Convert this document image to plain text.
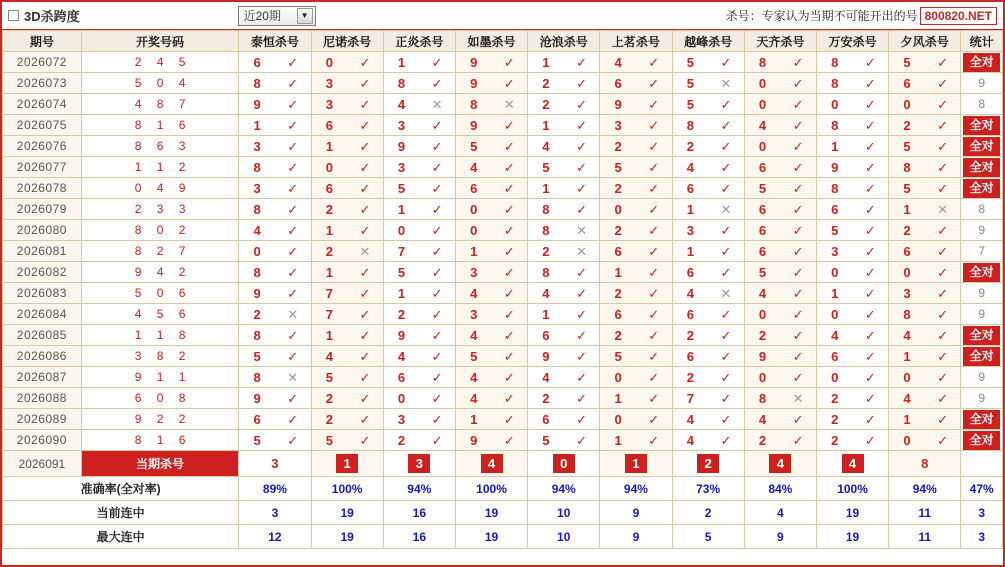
3D杀跨度	近20期	▼	杀号：专家认为当期不可能开出的号 800820.NET
期号	开奖号码	泰恒杀号	尼诺杀号	正炎杀号	如墨杀号	沧浪杀号	上茗杀号	越峰杀号	天齐杀号	万安杀号	夕风杀号	统计
2026072	2 4 5	6 ✓	0 ✓	1 ✓	9 ✓	1 ✓	4 ✓	5 ✓	8 ✓	8 ✓	5 ✓	全对

2026073	5 0 4	8 ✓	3 ✓	8 ✓	9 ✓	2 ✓	6 ✓	5 ✕	0 ✓	8 ✓	6 ✓	9
2026074	4 8 7	9 ✓	3 ✓	4 ✕	8 ✕	2 ✓	9 ✓	5 ✓	0 ✓	0 ✓	0 ✓	8
2026075	8 1 6	1 ✓	6 ✓	3 ✓	9 ✓	1 ✓	3 ✓	8 ✓	4 ✓	8 ✓	2 ✓	全对

2026076	8 6 3	3 ✓	1 ✓	9 ✓	5 ✓	4 ✓	2 ✓	2 ✓	0 ✓	1 ✓	5 ✓	全对

2026077	1 1 2	8 ✓	0 ✓	3 ✓	4 ✓	5 ✓	5 ✓	4 ✓	6 ✓	9 ✓	8 ✓	全对

2026078	0 4 9	3 ✓	6 ✓	5 ✓	6 ✓	1 ✓	2 ✓	6 ✓	5 ✓	8 ✓	5 ✓	全对

2026079	2 3 3	8 ✓	2 ✓	1 ✓	0 ✓	8 ✓	0 ✓	1 ✕	6 ✓	6 ✓	1 ✕	8
2026080	8 0 2	4 ✓	1 ✓	0 ✓	0 ✓	8 ✕	2 ✓	3 ✓	6 ✓	5 ✓	2 ✓	9
2026081	8 2 7	0 ✓	2 ✕	7 ✓	1 ✓	2 ✕	6 ✓	1 ✓	6 ✓	3 ✓	6 ✓	7
2026082	9 4 2	8 ✓	1 ✓	5 ✓	3 ✓	8 ✓	1 ✓	6 ✓	5 ✓	0 ✓	0 ✓	全对

2026083	5 0 6	9 ✓	7 ✓	1 ✓	4 ✓	4 ✓	2 ✓	4 ✕	4 ✓	1 ✓	3 ✓	9
2026084	4 5 6	2 ✕	7 ✓	2 ✓	3 ✓	1 ✓	6 ✓	6 ✓	0 ✓	0 ✓	8 ✓	9
2026085	1 1 8	8 ✓	1 ✓	9 ✓	4 ✓	6 ✓	2 ✓	2 ✓	2 ✓	4 ✓	4 ✓	全对

2026086	3 8 2	5 ✓	4 ✓	4 ✓	5 ✓	9 ✓	5 ✓	6 ✓	9 ✓	6 ✓	1 ✓	全对

2026087	9 1 1	8 ✕	5 ✓	6 ✓	4 ✓	4 ✓	0 ✓	2 ✓	0 ✓	0 ✓	0 ✓	9
2026088	6 0 8	9 ✓	2 ✓	0 ✓	4 ✓	2 ✓	1 ✓	7 ✓	8 ✕	2 ✓	4 ✓	9
2026089	9 2 2	6 ✓	2 ✓	3 ✓	1 ✓	6 ✓	0 ✓	4 ✓	4 ✓	2 ✓	1 ✓	全对

2026090	8 1 6	5 ✓	5 ✓	2 ✓	9 ✓	5 ✓	1 ✓	4 ✓	2 ✓	2 ✓	0 ✓	全对

2026091	当期杀号	3	1	3	4	0	1	2	4	4	8	
准确率(全对率)		89%	100%	94%	100%	94%	94%	73%	84%	100%	94%	47%
当前连中		3	19	16	19	10	9	2	4	19	11	3
最大连中		12	19	16	19	10	9	5	9	19	11	3
